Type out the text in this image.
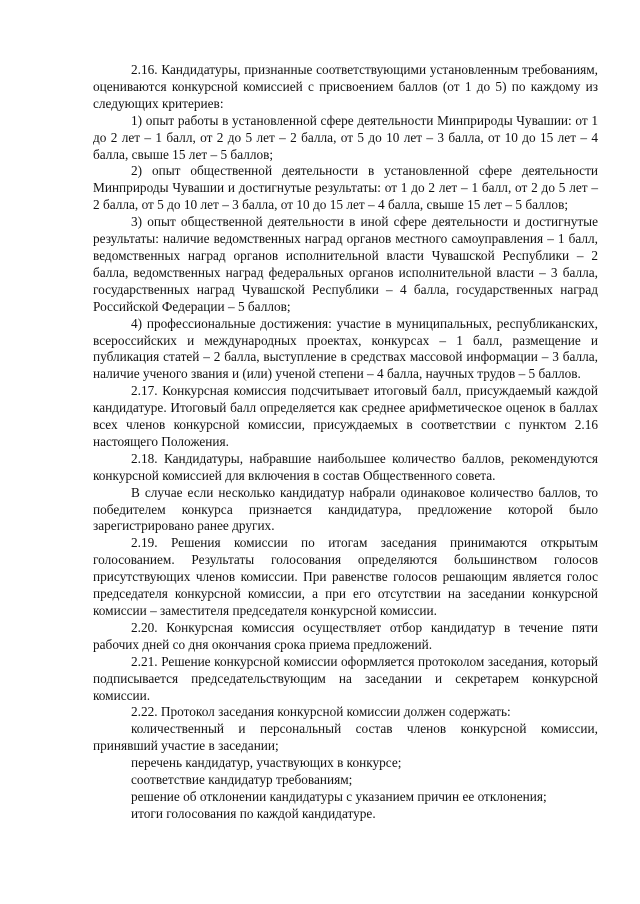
2.16. Кандидатуры, признанные соответствующими установленным требованиям, оцениваются конкурсной комиссией с присвоением баллов (от 1 до 5) по каждому из следующих критериев:

1) опыт работы в установленной сфере деятельности Минприроды Чувашии: от 1 до 2 лет – 1 балл, от 2 до 5 лет – 2 балла, от 5 до 10 лет – 3 балла, от 10 до 15 лет – 4 балла, свыше 15 лет – 5 баллов;

2) опыт общественной деятельности в установленной сфере деятельности Минприроды Чувашии и достигнутые результаты: от 1 до 2 лет – 1 балл, от 2 до 5 лет – 2 балла, от 5 до 10 лет – 3 балла, от 10 до 15 лет – 4 балла, свыше 15 лет – 5 баллов;

3) опыт общественной деятельности в иной сфере деятельности и достигнутые результаты: наличие ведомственных наград органов местного самоуправления – 1 балл, ведомственных наград органов исполнительной власти Чувашской Республики – 2 балла, ведомственных наград федеральных органов исполнительной власти – 3 балла, государственных наград Чувашской Республики – 4 балла, государственных наград Российской Федерации – 5 баллов;

4) профессиональные достижения: участие в муниципальных, республиканских, всероссийских и международных проектах, конкурсах – 1 балл, размещение и публикация статей – 2 балла, выступление в средствах массовой информации – 3 балла, наличие ученого звания и (или) ученой степени – 4 балла, научных трудов – 5 баллов.

2.17. Конкурсная комиссия подсчитывает итоговый балл, присуждаемый каждой кандидатуре. Итоговый балл определяется как среднее арифметическое оценок в баллах всех членов конкурсной комиссии, присуждаемых в соответствии с пунктом 2.16 настоящего Положения.

2.18. Кандидатуры, набравшие наибольшее количество баллов, рекомендуются конкурсной комиссией для включения в состав Общественного совета.

В случае если несколько кандидатур набрали одинаковое количество баллов, то победителем конкурса признается кандидатура, предложение которой было зарегистрировано ранее других.

2.19. Решения комиссии по итогам заседания принимаются открытым голосованием. Результаты голосования определяются большинством голосов присутствующих членов комиссии. При равенстве голосов решающим является голос председателя конкурсной комиссии, а при его отсутствии на заседании конкурсной комиссии – заместителя председателя конкурсной комиссии.

2.20. Конкурсная комиссия осуществляет отбор кандидатур в течение пяти рабочих дней со дня окончания срока приема предложений.

2.21. Решение конкурсной комиссии оформляется протоколом заседания, который подписывается председательствующим на заседании и секретарем конкурсной комиссии.

2.22. Протокол заседания конкурсной комиссии должен содержать:

количественный и персональный состав членов конкурсной комиссии, принявший участие в заседании;

перечень кандидатур, участвующих в конкурсе;

соответствие кандидатур требованиям;

решение об отклонении кандидатуры с указанием причин ее отклонения;

итоги голосования по каждой кандидатуре.
